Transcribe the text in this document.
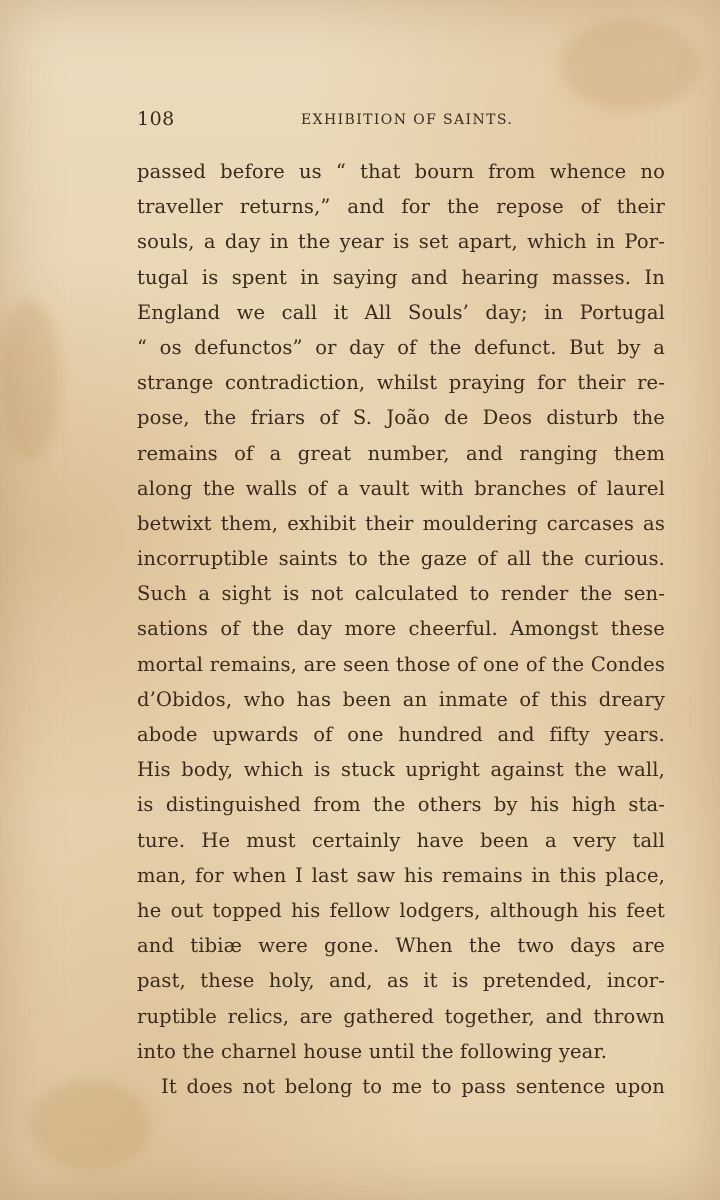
108	EXHIBITION OF SAINTS.
passed before us “ that bourn from whence no
traveller returns,” and for the repose of their
souls, a day in the year is set apart, which in Por-
tugal is spent in saying and hearing masses. In
England we call it All Souls’ day; in Portugal
“ os defunctos” or day of the defunct. But by a
strange contradiction, whilst praying for their re-
pose, the friars of S. João de Deos disturb the
remains of a great number, and ranging them
along the walls of a vault with branches of laurel
betwixt them, exhibit their mouldering carcases as
incorruptible saints to the gaze of all the curious.
Such a sight is not calculated to render the sen-
sations of the day more cheerful. Amongst these
mortal remains, are seen those of one of the Condes
d’Obidos, who has been an inmate of this dreary
abode upwards of one hundred and fifty years.
His body, which is stuck upright against the wall,
is distinguished from the others by his high sta-
ture. He must certainly have been a very tall
man, for when I last saw his remains in this place,
he out topped his fellow lodgers, although his feet
and tibiæ were gone. When the two days are
past, these holy, and, as it is pretended, incor-
ruptible relics, are gathered together, and thrown
into the charnel house until the following year.
It does not belong to me to pass sentence upon
